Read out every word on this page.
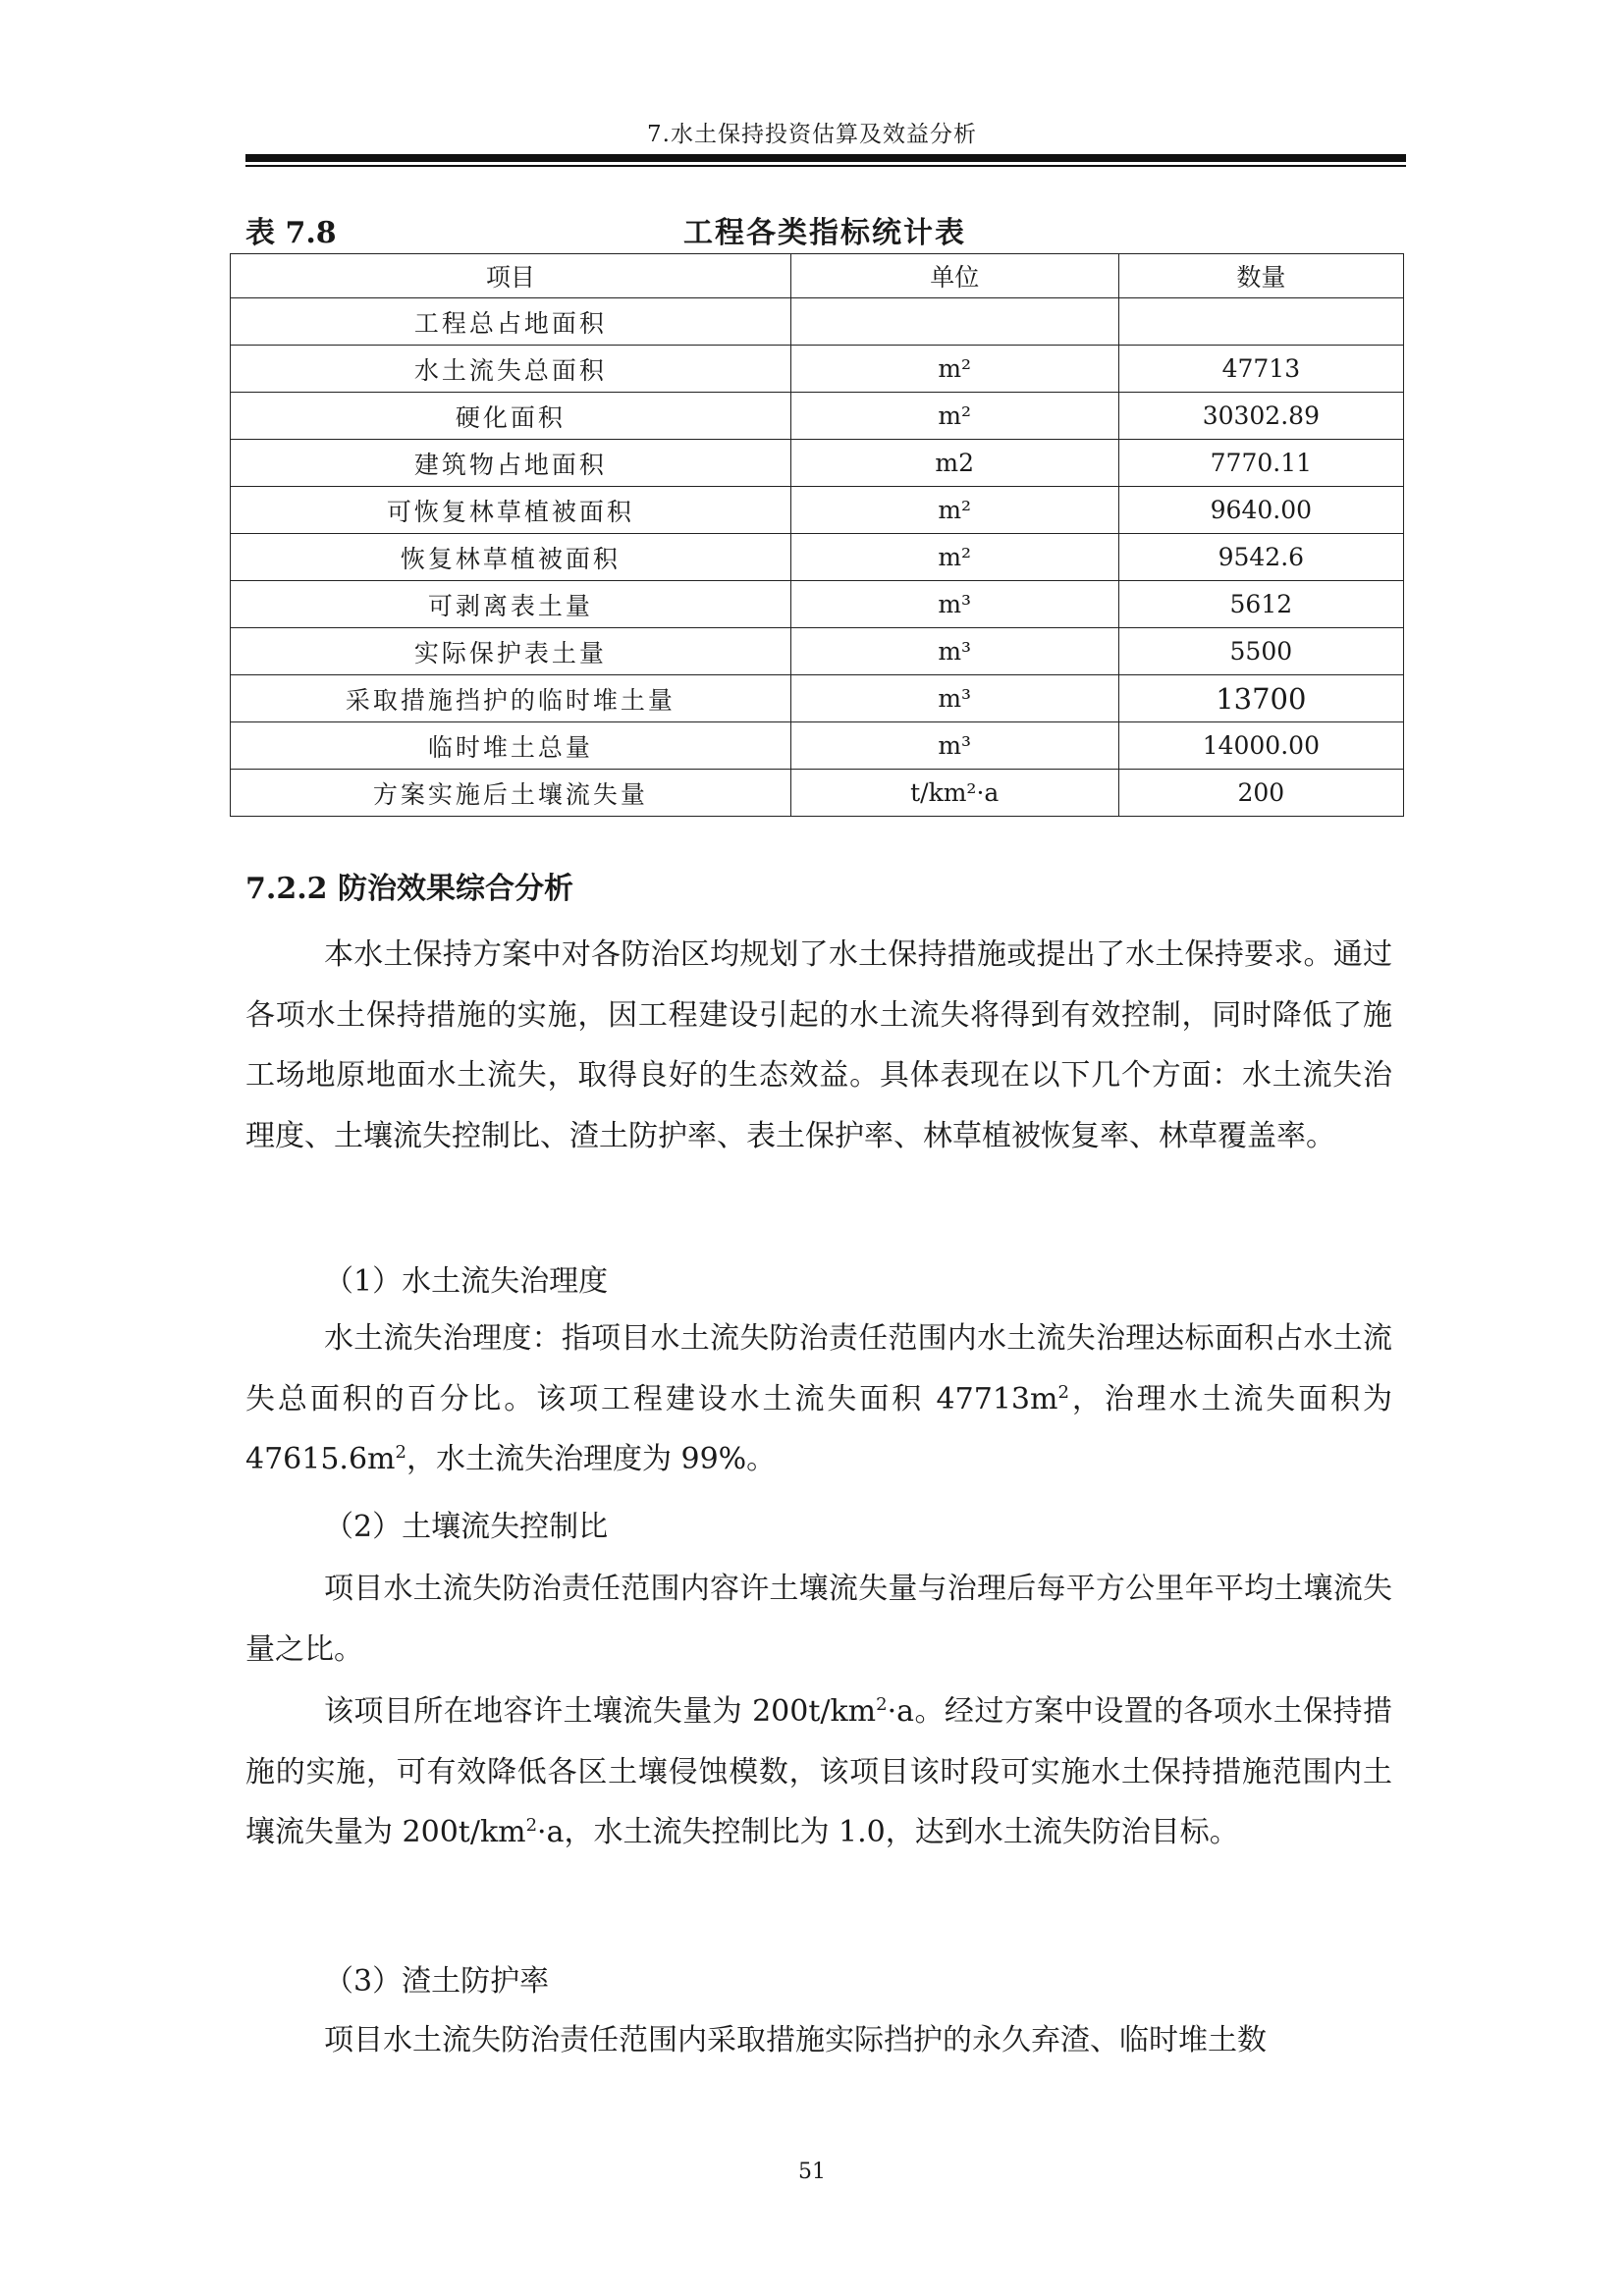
7.水土保持投资估算及效益分析
工程各类指标统计表
表 7.8
项目	单位	数量
工程总占地面积		
水土流失总面积	m²	47713
硬化面积	m²	30302.89
建筑物占地面积	m2	7770.11
可恢复林草植被面积	m²	9640.00
恢复林草植被面积	m²	9542.6
可剥离表土量	m³	5612
实际保护表土量	m³	5500
采取措施挡护的临时堆土量	m³	13700
临时堆土总量	m³	14000.00
方案实施后土壤流失量	t/km²·a	200
7.2.2 防治效果综合分析

本水土保持方案中对各防治区均规划了水土保持措施或提出了水土保持要求。通过各项水土保持措施的实施，因工程建设引起的水土流失将得到有效控制，同时降低了施工场地原地面水土流失，取得良好的生态效益。具体表现在以下几个方面：水土流失治理度、土壤流失控制比、渣土防护率、表土保护率、林草植被恢复率、林草覆盖率。

（1）水土流失治理度

水土流失治理度：指项目水土流失防治责任范围内水土流失治理达标面积占水土流失总面积的百分比。该项工程建设水土流失面积 $47713m^2$，治理水土流失面积为 $47615.6m^2$，水土流失治理度为 99%。

（2）土壤流失控制比

项目水土流失防治责任范围内容许土壤流失量与治理后每平方公里年平均土壤流失量之比。

该项目所在地容许土壤流失量为 $200t/km^2\cdot a$。经过方案中设置的各项水土保持措施的实施，可有效降低各区土壤侵蚀模数，该项目该时段可实施水土保持措施范围内土壤流失量为 $200t/km^2\cdot a$，水土流失控制比为 1.0，达到水土流失防治目标。

（3）渣土防护率

项目水土流失防治责任范围内采取措施实际挡护的永久弃渣、临时堆土数

51
